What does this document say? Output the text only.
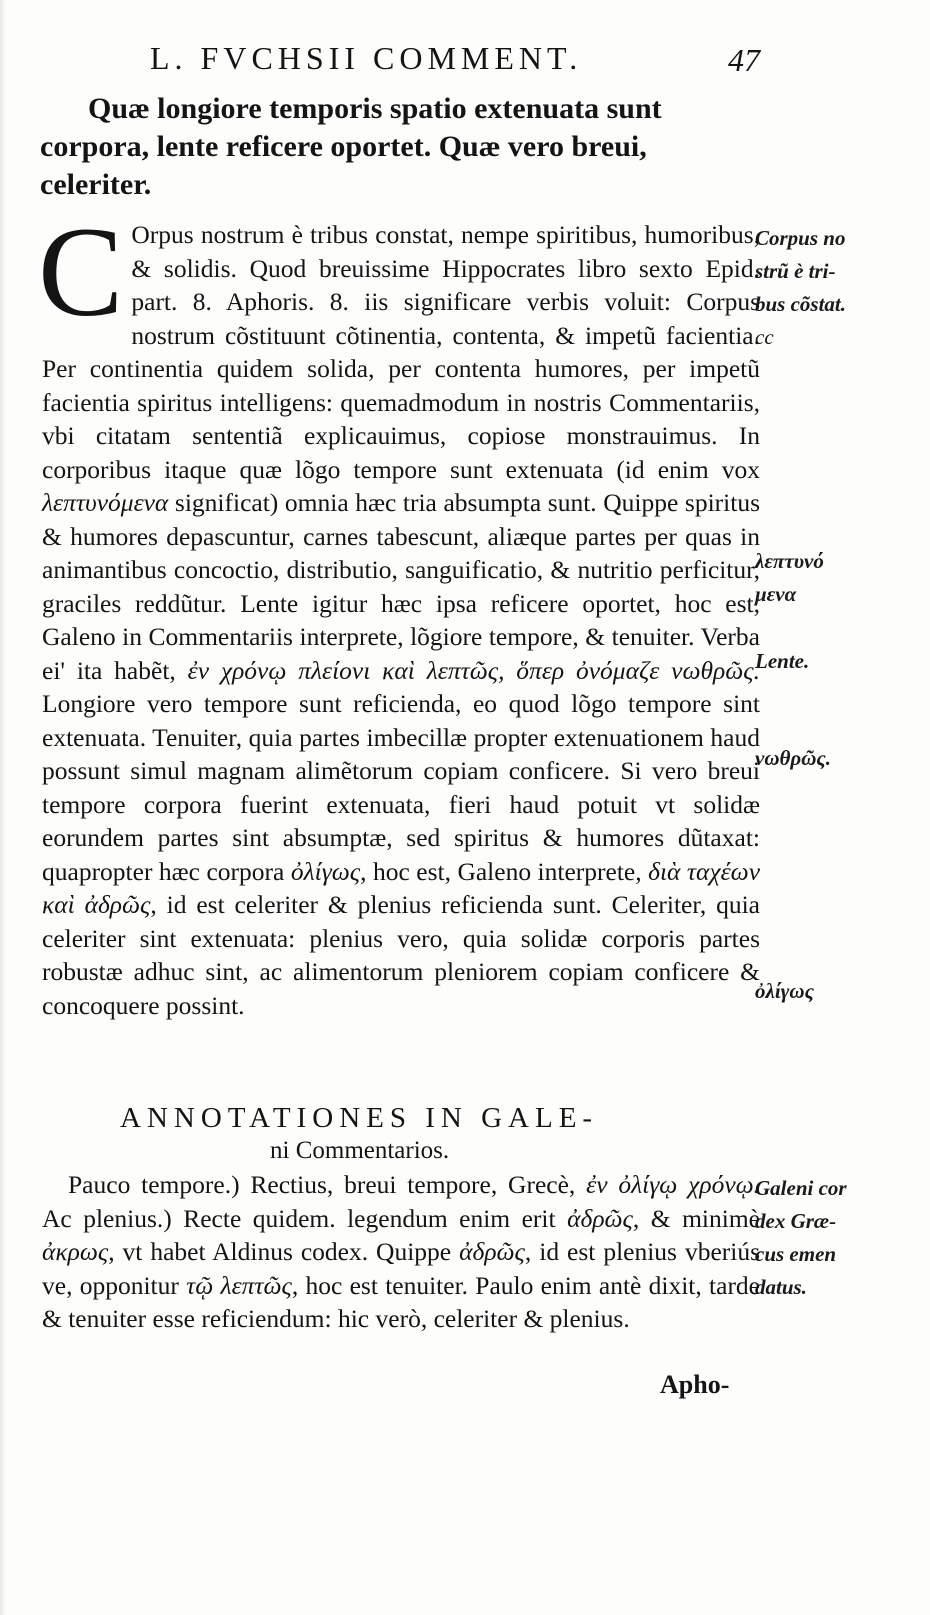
L. FVCHSII COMMENT.	47
Quæ longiore temporis spatio extenuata sunt
corpora, lente reficere oportet. Quæ vero breui, celeriter.
C Orpus nostrum è tribus constat, nempe spiritibus, humoribus, & solidis. Quod breuissime Hippocrates libro sexto Epid. part. 8. Aphoris. 8. iis significare verbis voluit: Corpus nostrum cõstituunt cõtinentia, contenta, & impetũ facientia. Per continentia quidem solida, per contenta humores, per impetũ facientia spiritus intelligens: quemadmodum in nostris Commentariis, vbi citatam sententiã explicauimus, copiose monstrauimus. In corporibus itaque quæ lõgo tempore sunt extenuata (id enim vox λεπτυνόμενα significat) omnia hæc tria absumpta sunt. Quippe spiritus & humores depascuntur, carnes tabescunt, aliæque partes per quas in animantibus concoctio, distributio, sanguificatio, & nutritio perficitur, graciles reddũtur. Lente igitur hæc ipsa reficere oportet, hoc est, Galeno in Commentariis interprete, lõgiore tempore, & tenuiter. Verba ei' ita habẽt, ἐν χρόνῳ πλείονι καὶ λεπτῶς, ὅπερ ὀνόμαζε νωθρῶς. Longiore vero tempore sunt reficienda, eo quod lõgo tempore sint extenuata. Tenuiter, quia partes imbecillæ propter extenuationem haud possunt simul magnam alimẽtorum copiam conficere. Si vero breui tempore corpora fuerint extenuata, fieri haud potuit vt solidæ eorundem partes sint absumptæ, sed spiritus & humores dũtaxat: quapropter hæc corpora ὀλίγως, hoc est, Galeno interprete, διὰ ταχέων καὶ ἀδρῶς, id est celeriter & plenius reficienda sunt. Celeriter, quia celeriter sint extenuata: plenius vero, quia solidæ corporis partes robustæ adhuc sint, ac alimentorum pleniorem copiam conficere & concoquere possint.
ANNOTATIONES IN GALE-
ni Commentarios.
Pauco tempore.) Rectius, breui tempore, Grecè, ἐν ὀλίγῳ χρόνῳ. Ac plenius.) Recte quidem. legendum enim erit ἀδρῶς, & minimè ἀκρως, vt habet Aldinus codex. Quippe ἀδρῶς, id est plenius vberiús ve, opponitur τῷ λεπτῶς, hoc est tenuiter. Paulo enim antè dixit, tarde & tenuiter esse reficiendum: hic verò, celeriter & plenius.
Apho-
Corpus no
strũ è tri-
bus cõstat.
cc
λεπτυνό
μενα
Lente.
νωθρῶς.
ὀλίγως
Galeni cor
dex Græ-
cus emen
datus.
